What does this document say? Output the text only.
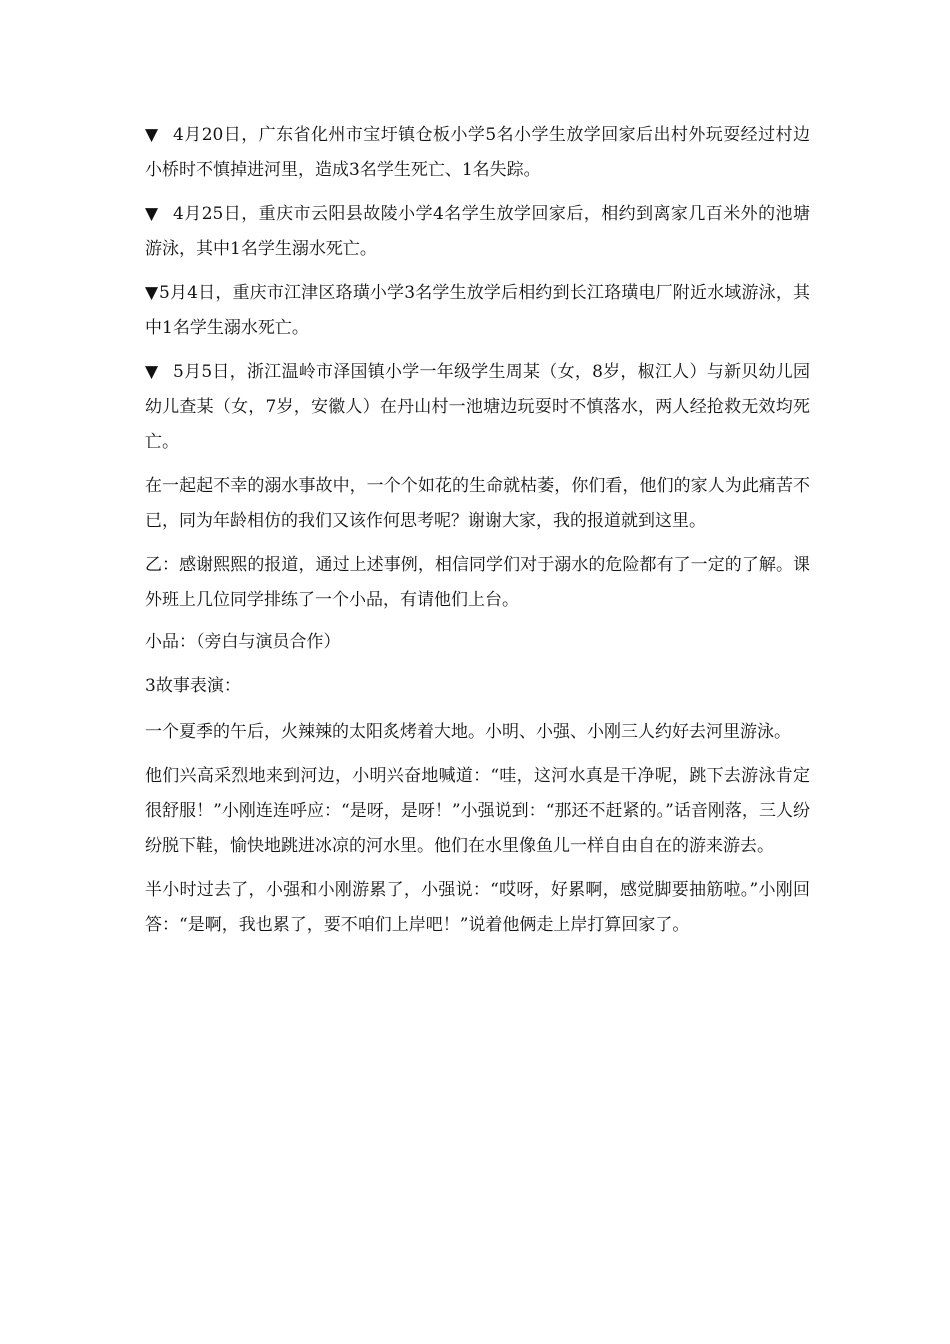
▼ 4月20日，广东省化州市宝圩镇仓板小学5名小学生放学回家后出村外玩耍经过村边小桥时不慎掉进河里，造成3名学生死亡、1名失踪。

▼ 4月25日，重庆市云阳县故陵小学4名学生放学回家后，相约到离家几百米外的池塘游泳，其中1名学生溺水死亡。

▼5月4日，重庆市江津区珞璜小学3名学生放学后相约到长江珞璜电厂附近水域游泳，其中1名学生溺水死亡。

▼ 5月5日，浙江温岭市泽国镇小学一年级学生周某（女，8岁，椒江人）与新贝幼儿园幼儿查某（女，7岁，安徽人）在丹山村一池塘边玩耍时不慎落水，两人经抢救无效均死亡。

在一起起不幸的溺水事故中，一个个如花的生命就枯萎，你们看，他们的家人为此痛苦不已，同为年龄相仿的我们又该作何思考呢？谢谢大家，我的报道就到这里。

乙：感谢熙熙的报道，通过上述事例，相信同学们对于溺水的危险都有了一定的了解。课外班上几位同学排练了一个小品，有请他们上台。

小品：（旁白与演员合作）

3故事表演：

一个夏季的午后，火辣辣的太阳炙烤着大地。小明、小强、小刚三人约好去河里游泳。

他们兴高采烈地来到河边，小明兴奋地喊道：“哇，这河水真是干净呢，跳下去游泳肯定很舒服！”小刚连连呼应：“是呀，是呀！”小强说到：“那还不赶紧的。”话音刚落，三人纷纷脱下鞋，愉快地跳进冰凉的河水里。他们在水里像鱼儿一样自由自在的游来游去。

半小时过去了，小强和小刚游累了，小强说：“哎呀，好累啊，感觉脚要抽筋啦。”小刚回答：“是啊，我也累了，要不咱们上岸吧！”说着他俩走上岸打算回家了。
